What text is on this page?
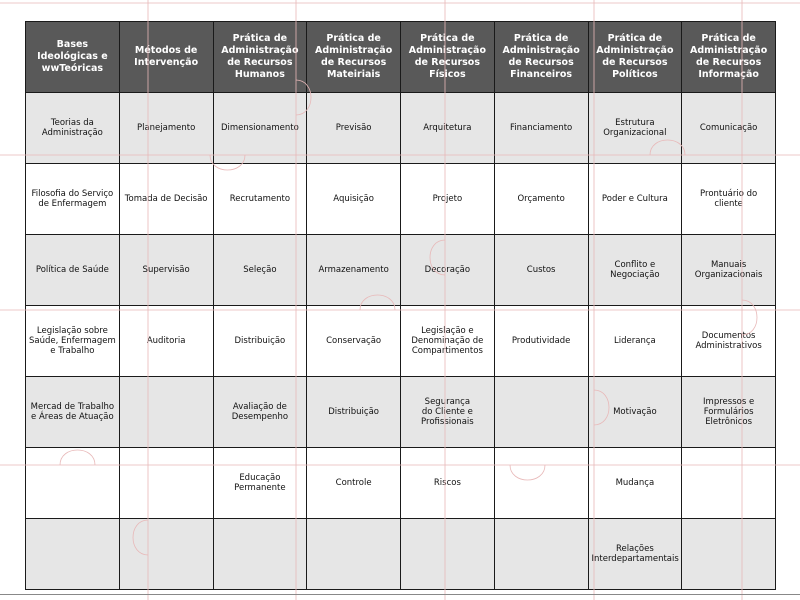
Bases
Ideológicas e
wwTeóricas	Métodos de
Intervenção	Prática de
Administração
de Recursos
Humanos	Prática de
Administração
de Recursos
Mateiriais	Prática de
Administração
de Recursos
Físicos	Prática de
Administração
de Recursos
Financeiros	Prática de
Administração
de Recursos
Políticos	Prática de
Administração
de Recursos
Informação

Teorias da
Administração	Planejamento	Dimensionamento	Previsão	Arquitetura	Financiamento	Estrutura
Organizacional	Comunicação

Filosofia do Serviço
de Enfermagem	Tomada de Decisão	Recrutamento	Aquisição	Projeto	Orçamento	Poder e Cultura	Prontuário do
cliente

Política de Saúde	Supervisão	Seleção	Armazenamento	Decoração	Custos	Conflito e
Negociação	Manuais
Organizacionais

Legislação sobre
Saúde, Enfermagem
e Trabalho	Auditoria	Distribuição	Conservação	Legislação e
Denominação de
Compartimentos	Produtividade	Liderança	Documentos
Administrativos

Mercad de Trabalho
e Áreas de Atuação		Avaliação de
Desempenho	Distribuição	Segurança
do Cliente e
Profissionais		Motivação	Impressos e
Formulários
Eletrônicos

		Educação
Permanente	Controle	Riscos		Mudança	

						Relações
Interdepartamentais	
